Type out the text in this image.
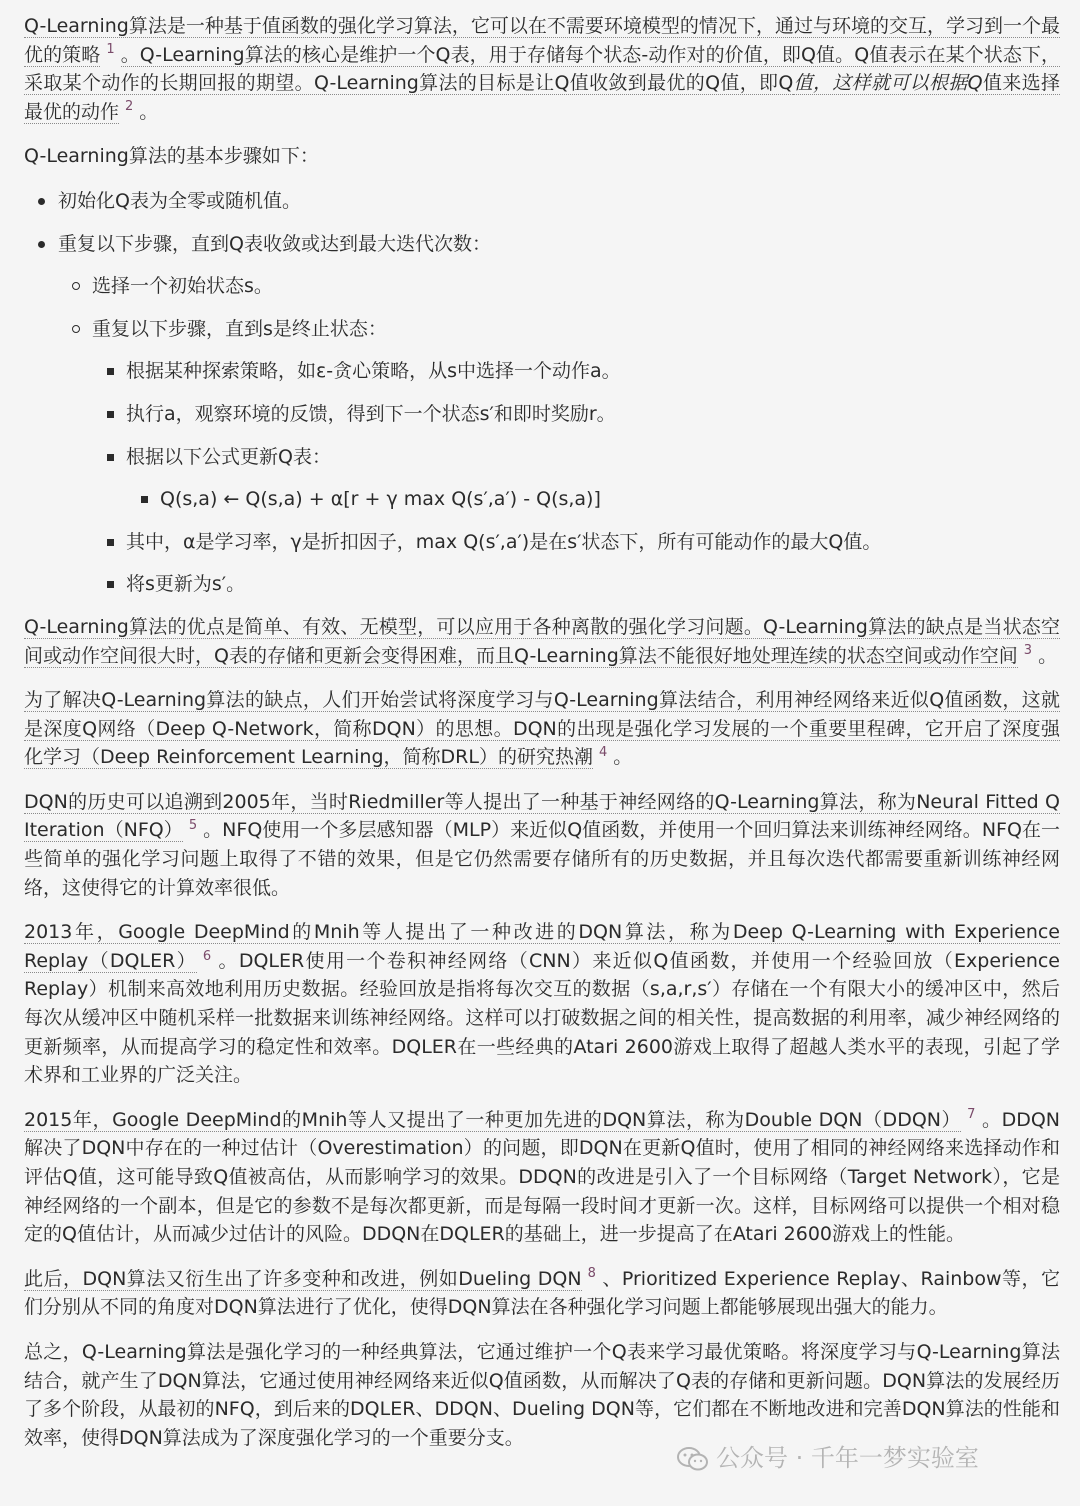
Q-Learning算法是一种基于值函数的强化学习算法，它可以在不需要环境模型的情况下，通过与环境的交互，学习到一个最优的策略 1 。Q-Learning算法的核心是维护一个Q表，用于存储每个状态-动作对的价值，即Q值。Q值表示在某个状态下，采取某个动作的长期回报的期望。Q-Learning算法的目标是让Q值收敛到最优的Q值，即Q值，这样就可以根据Q值来选择最优的动作 2 。

Q-Learning算法的基本步骤如下：

初始化Q表为全零或随机值。
重复以下步骤，直到Q表收敛或达到最大迭代次数：
选择一个初始状态s。
重复以下步骤，直到s是终止状态：
根据某种探索策略，如ε-贪心策略，从s中选择一个动作a。
执行a，观察环境的反馈，得到下一个状态s′和即时奖励r。
根据以下公式更新Q表：
Q(s,a) ← Q(s,a) + α[r + γ max Q(s′,a′) - Q(s,a)]
其中，α是学习率，γ是折扣因子，max Q(s′,a′)是在s′状态下，所有可能动作的最大Q值。
将s更新为s′。

Q-Learning算法的优点是简单、有效、无模型，可以应用于各种离散的强化学习问题。Q-Learning算法的缺点是当状态空间或动作空间很大时，Q表的存储和更新会变得困难，而且Q-Learning算法不能很好地处理连续的状态空间或动作空间 3 。

为了解决Q-Learning算法的缺点，人们开始尝试将深度学习与Q-Learning算法结合，利用神经网络来近似Q值函数，这就是深度Q网络（Deep Q-Network，简称DQN）的思想。DQN的出现是强化学习发展的一个重要里程碑，它开启了深度强化学习（Deep Reinforcement Learning，简称DRL）的研究热潮 4 。

DQN的历史可以追溯到2005年，当时Riedmiller等人提出了一种基于神经网络的Q-Learning算法，称为Neural Fitted Q Iteration（NFQ） 5 。NFQ使用一个多层感知器（MLP）来近似Q值函数，并使用一个回归算法来训练神经网络。NFQ在一些简单的强化学习问题上取得了不错的效果，但是它仍然需要存储所有的历史数据，并且每次迭代都需要重新训练神经网络，这使得它的计算效率很低。

2013年，Google DeepMind的Mnih等人提出了一种改进的DQN算法，称为Deep Q-Learning with Experience Replay（DQLER） 6 。DQLER使用一个卷积神经网络（CNN）来近似Q值函数，并使用一个经验回放（Experience Replay）机制来高效地利用历史数据。经验回放是指将每次交互的数据（s,a,r,s′）存储在一个有限大小的缓冲区中，然后每次从缓冲区中随机采样一批数据来训练神经网络。这样可以打破数据之间的相关性，提高数据的利用率，减少神经网络的更新频率，从而提高学习的稳定性和效率。DQLER在一些经典的Atari 2600游戏上取得了超越人类水平的表现，引起了学术界和工业界的广泛关注。

2015年，Google DeepMind的Mnih等人又提出了一种更加先进的DQN算法，称为Double DQN（DDQN） 7 。DDQN解决了DQN中存在的一种过估计（Overestimation）的问题，即DQN在更新Q值时，使用了相同的神经网络来选择动作和评估Q值，这可能导致Q值被高估，从而影响学习的效果。DDQN的改进是引入了一个目标网络（Target Network），它是神经网络的一个副本，但是它的参数不是每次都更新，而是每隔一段时间才更新一次。这样，目标网络可以提供一个相对稳定的Q值估计，从而减少过估计的风险。DDQN在DQLER的基础上，进一步提高了在Atari 2600游戏上的性能。

此后，DQN算法又衍生出了许多变种和改进，例如Dueling DQN 8 、Prioritized Experience Replay、Rainbow等，它们分别从不同的角度对DQN算法进行了优化，使得DQN算法在各种强化学习问题上都能够展现出强大的能力。

总之，Q-Learning算法是强化学习的一种经典算法，它通过维护一个Q表来学习最优策略。将深度学习与Q-Learning算法结合，就产生了DQN算法，它通过使用神经网络来近似Q值函数，从而解决了Q表的存储和更新问题。DQN算法的发展经历了多个阶段，从最初的NFQ，到后来的DQLER、DDQN、Dueling DQN等，它们都在不断地改进和完善DQN算法的性能和效率，使得DQN算法成为了深度强化学习的一个重要分支。

公众号 · 千年一梦实验室
